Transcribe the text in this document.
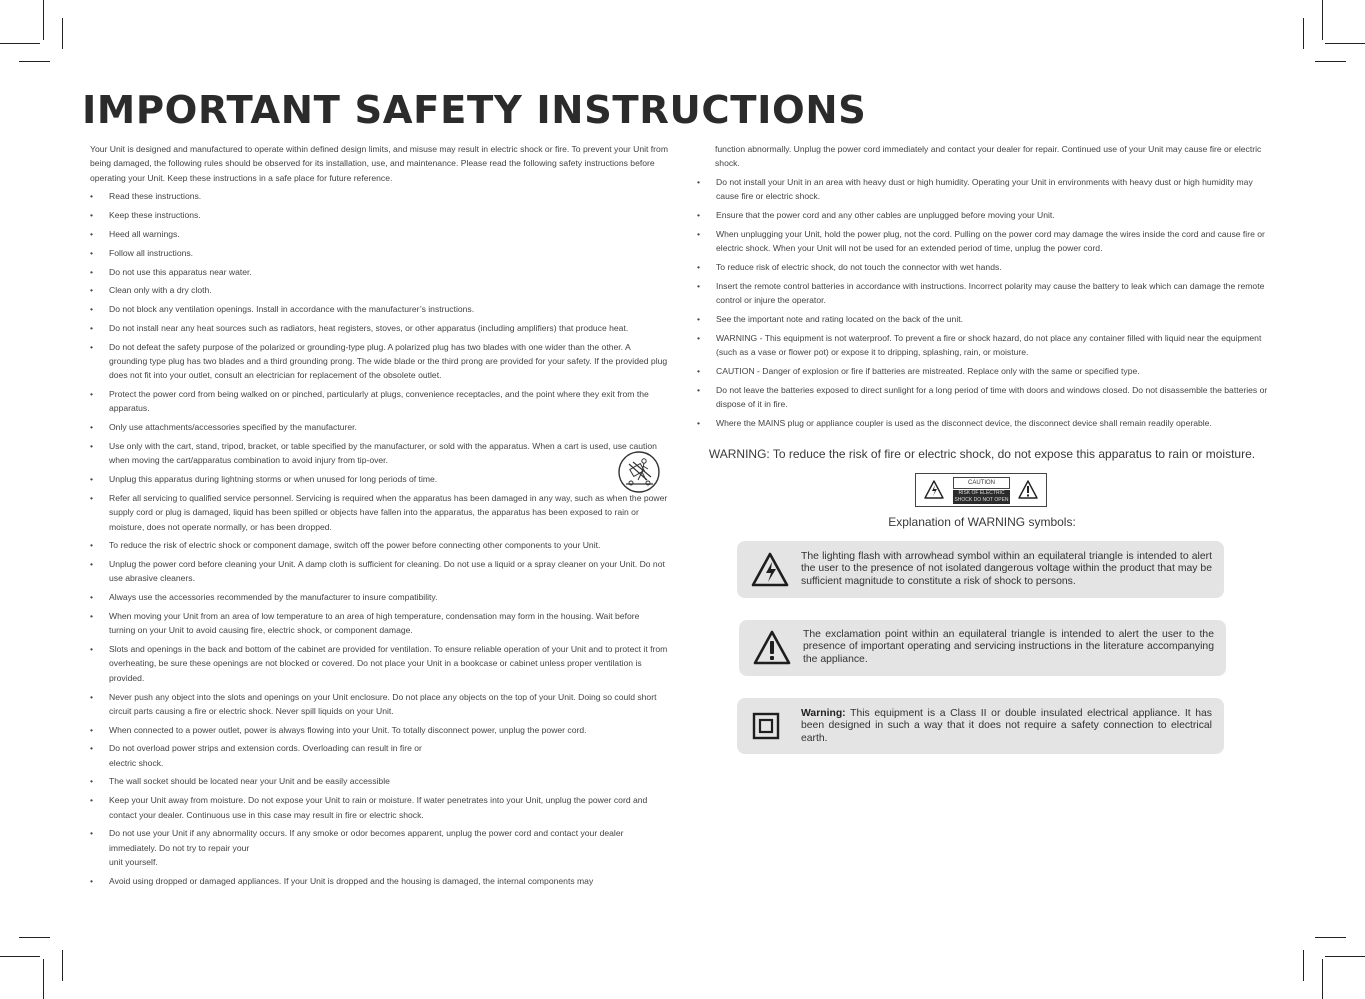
IMPORTANT SAFETY INSTRUCTIONS

Your Unit is designed and manufactured to operate within defined design limits, and misuse may result in electric shock or fire. To prevent your Unit from being damaged, the following rules should be observed for its installation, use, and maintenance. Please read the following safety instructions before operating your Unit. Keep these instructions in a safe place for future reference.

• Read these instructions.
• Keep these instructions.
• Heed all warnings.
• Follow all instructions.
• Do not use this apparatus near water.
• Clean only with a dry cloth.
• Do not block any ventilation openings. Install in accordance with the manufacturer’s instructions.
• Do not install near any heat sources such as radiators, heat registers, stoves, or other apparatus (including amplifiers) that produce heat.
• Do not defeat the safety purpose of the polarized or grounding-type plug. A polarized plug has two blades with one wider than the other. A grounding type plug has two blades and a third grounding prong. The wide blade or the third prong are provided for your safety. If the provided plug does not fit into your outlet, consult an electrician for replacement of the obsolete outlet.
• Protect the power cord from being walked on or pinched, particularly at plugs, convenience receptacles, and the point where they exit from the apparatus.
• Only use attachments/accessories specified by the manufacturer.
• Use only with the cart, stand, tripod, bracket, or table specified by the manufacturer, or sold with the apparatus. When a cart is used, use caution when moving the cart/apparatus combination to avoid injury from tip-over.
• Unplug this apparatus during lightning storms or when unused for long periods of time.
• Refer all servicing to qualified service personnel. Servicing is required when the apparatus has been damaged in any way, such as when the power supply cord or plug is damaged, liquid has been spilled or objects have fallen into the apparatus, the apparatus has been exposed to rain or moisture, does not operate normally, or has been dropped.
• To reduce the risk of electric shock or component damage, switch off the power before connecting other components to your Unit.
• Unplug the power cord before cleaning your Unit. A damp cloth is sufficient for cleaning. Do not use a liquid or a spray cleaner on your Unit. Do not use abrasive cleaners.
• Always use the accessories recommended by the manufacturer to insure compatibility.
• When moving your Unit from an area of low temperature to an area of high temperature, condensation may form in the housing. Wait before turning on your Unit to avoid causing fire, electric shock, or component damage.
• Slots and openings in the back and bottom of the cabinet are provided for ventilation. To ensure reliable operation of your Unit and to protect it from overheating, be sure these openings are not blocked or covered. Do not place your Unit in a bookcase or cabinet unless proper ventilation is provided.
• Never push any object into the slots and openings on your Unit enclosure. Do not place any objects on the top of your Unit. Doing so could short circuit parts causing a fire or electric shock. Never spill liquids on your Unit.
• When connected to a power outlet, power is always flowing into your Unit. To totally disconnect power, unplug the power cord.
• Do not overload power strips and extension cords. Overloading can result in fire or
electric shock.
• The wall socket should be located near your Unit and be easily accessible
• Keep your Unit away from moisture. Do not expose your Unit to rain or moisture. If water penetrates into your Unit, unplug the power cord and contact your dealer. Continuous use in this case may result in fire or electric shock.
• Do not use your Unit if any abnormality occurs. If any smoke or odor becomes apparent, unplug the power cord and contact your dealer immediately. Do not try to repair your
unit yourself.
• Avoid using dropped or damaged appliances. If your Unit is dropped and the housing is damaged, the internal components may

function abnormally. Unplug the power cord immediately and contact your dealer for repair. Continued use of your Unit may cause fire or electric shock.

• Do not install your Unit in an area with heavy dust or high humidity. Operating your Unit in environments with heavy dust or high humidity may cause fire or electric shock.
• Ensure that the power cord and any other cables are unplugged before moving your Unit.
• When unplugging your Unit, hold the power plug, not the cord. Pulling on the power cord may damage the wires inside the cord and cause fire or electric shock. When your Unit will not be used for an extended period of time, unplug the power cord.
• To reduce risk of electric shock, do not touch the connector with wet hands.
• Insert the remote control batteries in accordance with instructions. Incorrect polarity may cause the battery to leak which can damage the remote control or injure the operator.
• See the important note and rating located on the back of the unit.
• WARNING - This equipment is not waterproof. To prevent a fire or shock hazard, do not place any container filled with liquid near the equipment (such as a vase or flower pot) or expose it to dripping, splashing, rain, or moisture.
• CAUTION - Danger of explosion or fire if batteries are mistreated. Replace only with the same or specified type.
• Do not leave the batteries exposed to direct sunlight for a long period of time with doors and windows closed. Do not disassemble the batteries or dispose of it in fire.
• Where the MAINS plug or appliance coupler is used as the disconnect device, the disconnect device shall remain readily operable.
WARNING: To reduce the risk of fire or electric shock, do not expose this apparatus to rain or moisture.
CAUTION
RISK OF ELECTRIC SHOCK DO NOT OPEN
Explanation of WARNING symbols:
The lighting flash with arrowhead symbol within an equilateral triangle is intended to alert the user to the presence of not isolated dangerous voltage within the product that may be sufficient magnitude to constitute a risk of shock to persons.
The exclamation point within an equilateral triangle is intended to alert the user to the presence of important operating and servicing instructions in the literature accompanying the appliance.
Warning: This equipment is a Class II or double insulated electrical appliance. It has been designed in such a way that it does not require a safety connection to electrical earth.
